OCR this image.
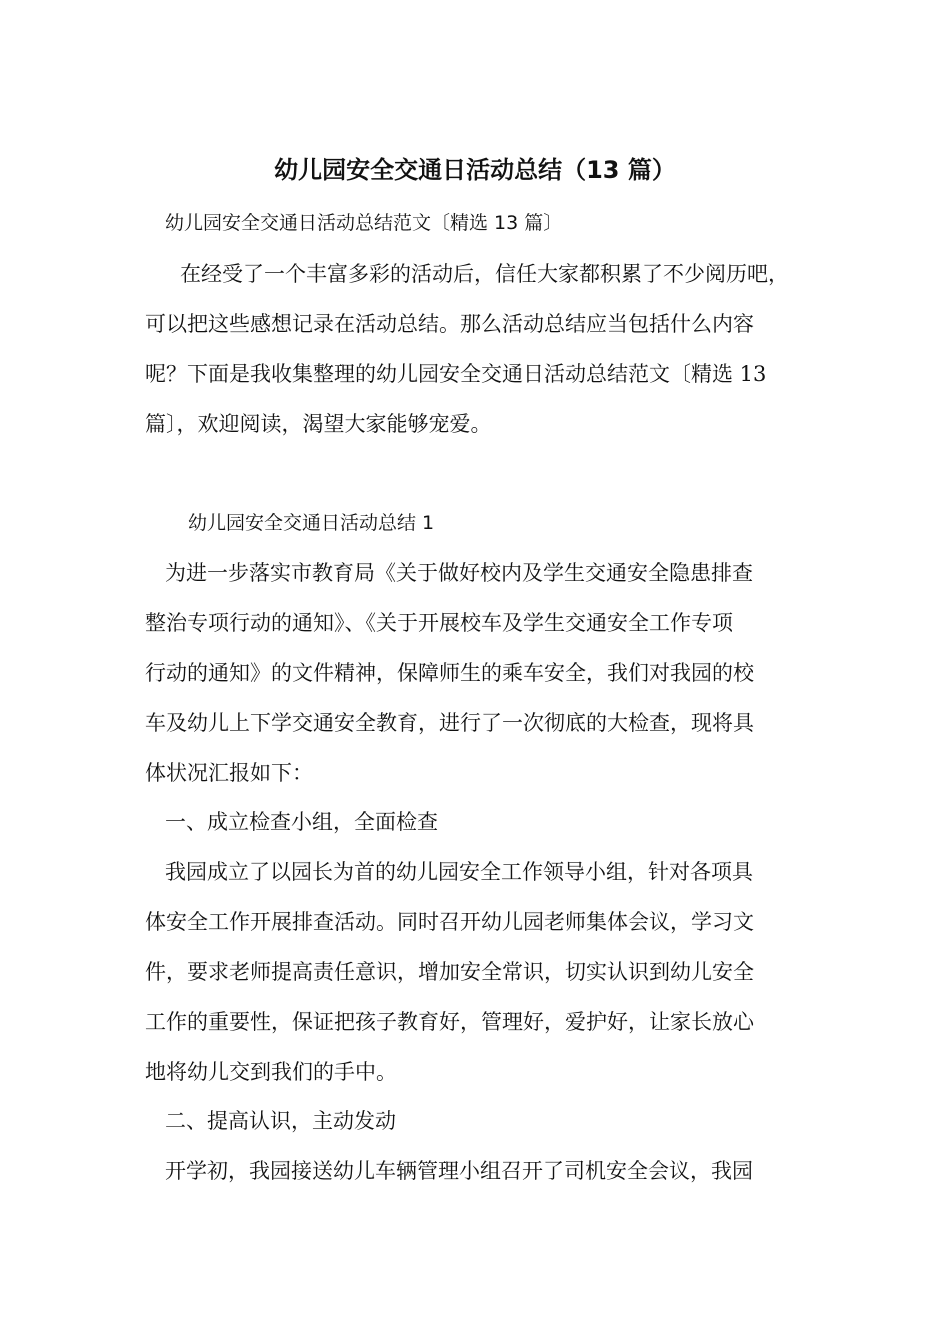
幼儿园安全交通日活动总结（13 篇）

幼儿园安全交通日活动总结范文〔精选 13 篇〕

在经受了一个丰富多彩的活动后，信任大家都积累了不少阅历吧，

可以把这些感想记录在活动总结。那么活动总结应当包括什么内容

呢？下面是我收集整理的幼儿园安全交通日活动总结范文〔精选 13

篇〕，欢迎阅读，渴望大家能够宠爱。

幼儿园安全交通日活动总结 1

为进一步落实市教育局《关于做好校内及学生交通安全隐患排查

整治专项行动的通知》、《关于开展校车及学生交通安全工作专项

行动的通知》的文件精神，保障师生的乘车安全，我们对我园的校

车及幼儿上下学交通安全教育，进行了一次彻底的大检查，现将具

体状况汇报如下：

一、成立检查小组，全面检查

我园成立了以园长为首的幼儿园安全工作领导小组，针对各项具

体安全工作开展排查活动。同时召开幼儿园老师集体会议，学习文

件，要求老师提高责任意识，增加安全常识，切实认识到幼儿安全

工作的重要性，保证把孩子教育好，管理好，爱护好，让家长放心

地将幼儿交到我们的手中。

二、提高认识，主动发动

开学初，我园接送幼儿车辆管理小组召开了司机安全会议，我园
